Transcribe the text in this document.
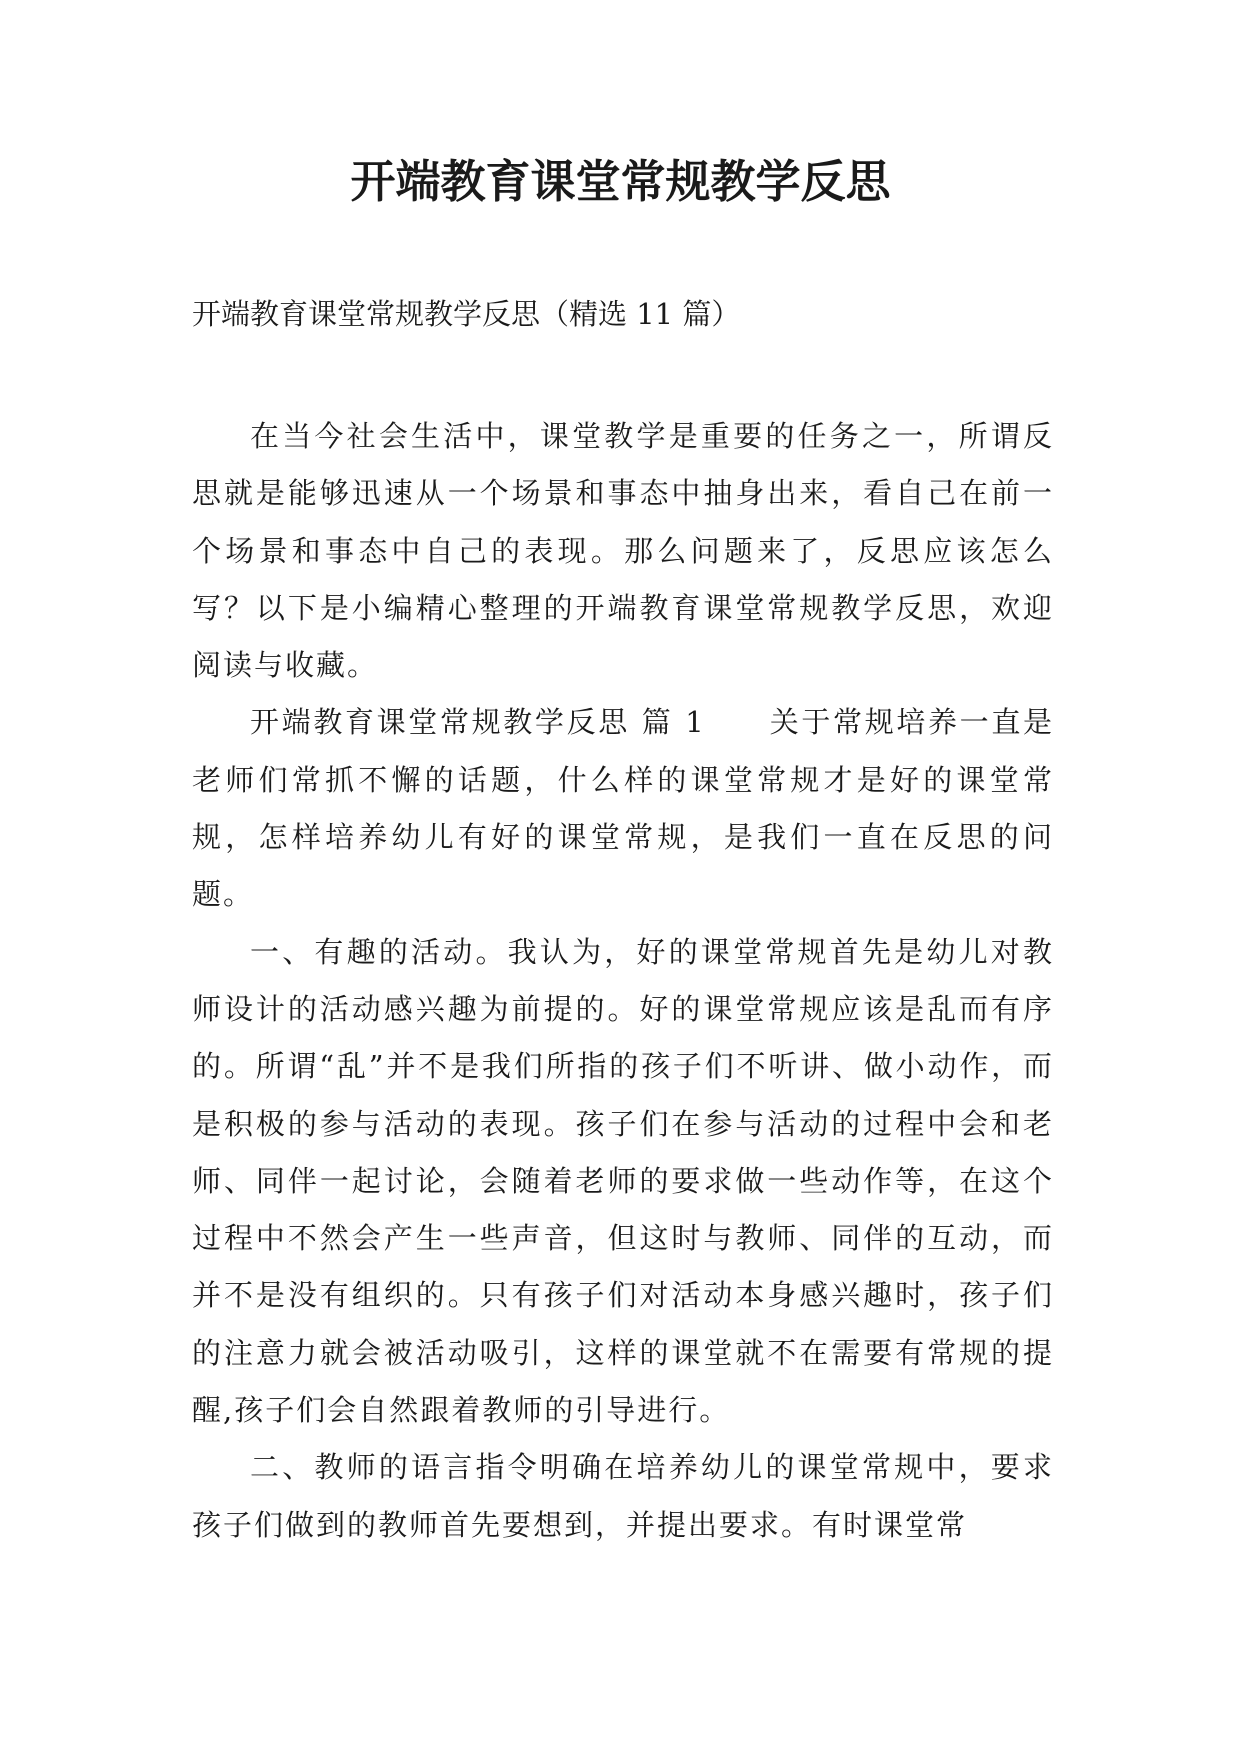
开端教育课堂常规教学反思

开端教育课堂常规教学反思（精选 11 篇）

在当今社会生活中，课堂教学是重要的任务之一，所谓反思就是能够迅速从一个场景和事态中抽身出来，看自己在前一个场景和事态中自己的表现。那么问题来了，反思应该怎么写？以下是小编精心整理的开端教育课堂常规教学反思，欢迎阅读与收藏。

开端教育课堂常规教学反思 篇 1　　关于常规培养一直是老师们常抓不懈的话题，什么样的课堂常规才是好的课堂常规，怎样培养幼儿有好的课堂常规，是我们一直在反思的问题。

一、有趣的活动。我认为，好的课堂常规首先是幼儿对教师设计的活动感兴趣为前提的。好的课堂常规应该是乱而有序的。所谓“乱”并不是我们所指的孩子们不听讲、做小动作，而是积极的参与活动的表现。孩子们在参与活动的过程中会和老师、同伴一起讨论，会随着老师的要求做一些动作等，在这个过程中不然会产生一些声音，但这时与教师、同伴的互动，而并不是没有组织的。只有孩子们对活动本身感兴趣时，孩子们的注意力就会被活动吸引，这样的课堂就不在需要有常规的提醒,孩子们会自然跟着教师的引导进行。

二、教师的语言指令明确在培养幼儿的课堂常规中，要求孩子们做到的教师首先要想到，并提出要求。有时课堂常
